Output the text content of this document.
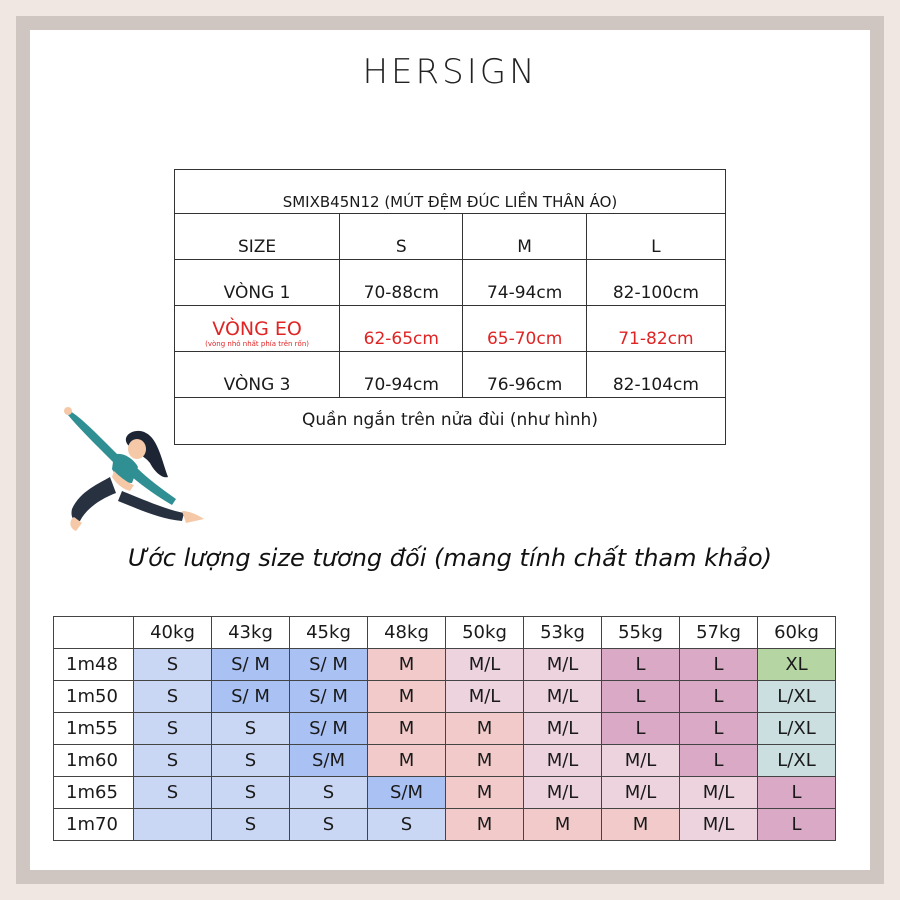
HERSIGN
SMIXB45N12 (MÚT ĐỆM ĐÚC LIỀN THÂN ÁO)			
SIZE	S	M	L
VÒNG 1	70-88cm	74-94cm	82-100cm

VÒNG EO
(vòng nhỏ nhất phía trên rốn)	62-65cm	65-70cm	71-82cm
VÒNG 3	70-94cm	76-96cm	82-104cm
Quần ngắn trên nửa đùi (như hình)			
Ước lượng size tương đối (mang tính chất tham khảo)
	40kg	43kg	45kg	48kg	50kg	53kg	55kg	57kg	60kg
1m48	S	S/ M	S/ M	M	M/L	M/L	L	L	XL
1m50	S	S/ M	S/ M	M	M/L	M/L	L	L	L/XL
1m55	S	S	S/ M	M	M	M/L	L	L	L/XL
1m60	S	S	S/M	M	M	M/L	M/L	L	L/XL
1m65	S	S	S	S/M	M	M/L	M/L	M/L	L
1m70		S	S	S	M	M	M	M/L	L
